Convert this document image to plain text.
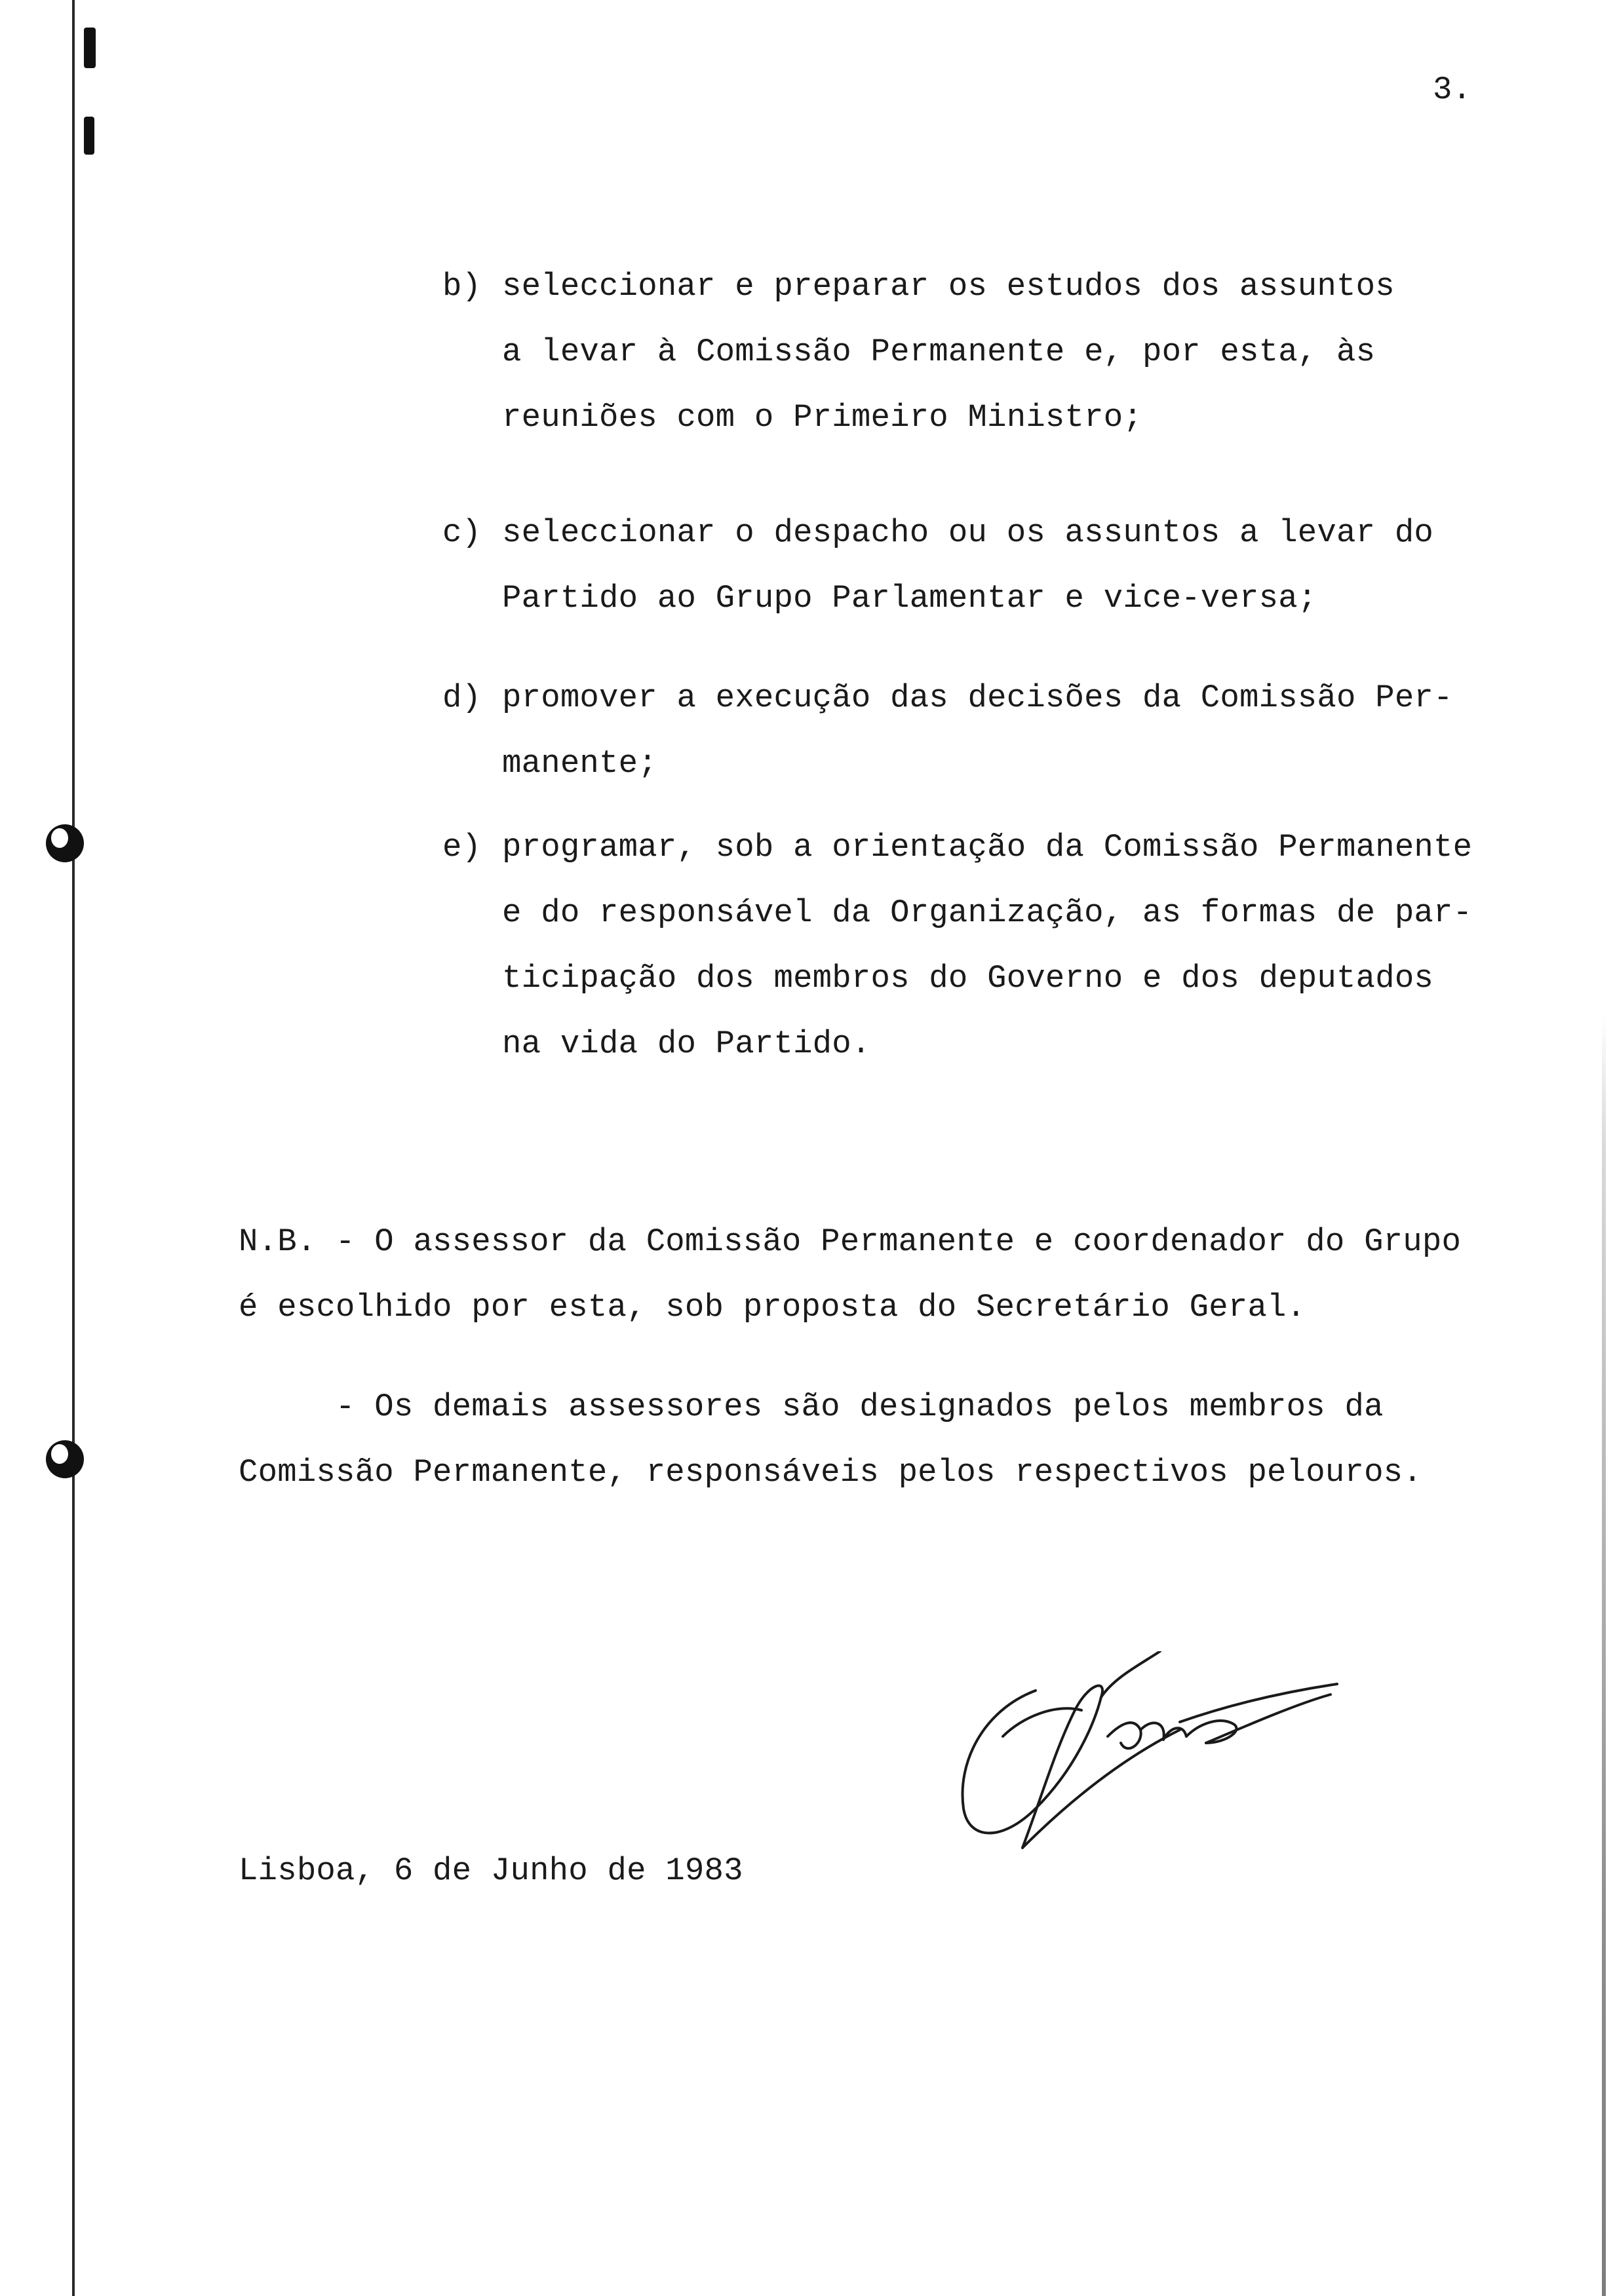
3.
b) seleccionar e preparar os estudos dos assuntos
a levar à Comissão Permanente e, por esta, às
reuniões com o Primeiro Ministro;
c) seleccionar o despacho ou os assuntos a levar do
Partido ao Grupo Parlamentar e vice-versa;
d) promover a execução das decisões da Comissão Per-
manente;
e) programar, sob a orientação da Comissão Permanente
e do responsável da Organização, as formas de par-
ticipação dos membros do Governo e dos deputados
na vida do Partido.
N.B. - O assessor da Comissão Permanente e coordenador do Grupo
é escolhido por esta, sob proposta do Secretário Geral.
- Os demais assessores são designados pelos membros da
Comissão Permanente, responsáveis pelos respectivos pelouros.
Lisboa, 6 de Junho de 1983
